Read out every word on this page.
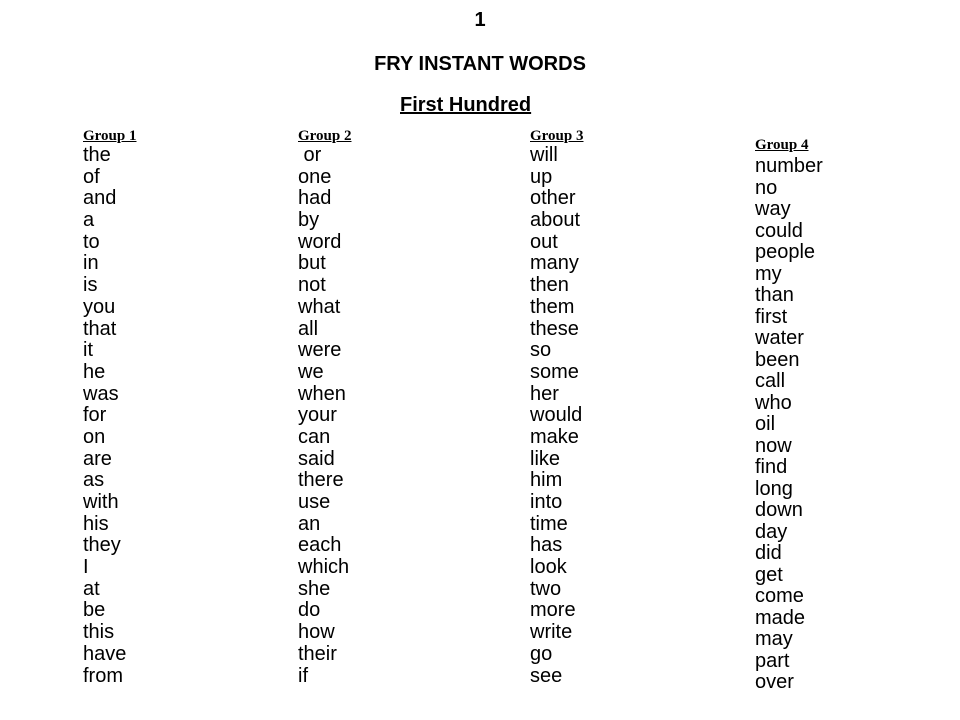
1
FRY INSTANT WORDS
First Hundred
Group 1
the
of
and
a
to
in
is
you
that
it
he
was
for
on
are
as
with
his
they
I
at
be
this
have
from
Group 2
or
one
had
by
word
but
not
what
all
were
we
when
your
can
said
there
use
an
each
which
she
do
how
their
if
Group 3
will
up
other
about
out
many
then
them
these
so
some
her
would
make
like
him
into
time
has
look
two
more
write
go
see
Group 4
number
no
way
could
people
my
than
first
water
been
call
who
oil
now
find
long
down
day
did
get
come
made
may
part
over
